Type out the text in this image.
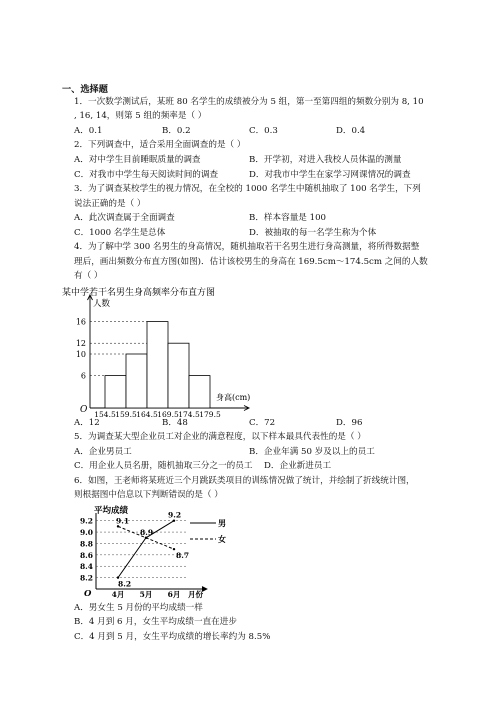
一、选择题
1．一次数学测试后，某班 80 名学生的成绩被分为 5 组，第一至第四组的频数分别为 8, 10
, 16, 14，则第 5 组的频率是（ ）
A．0.1	B．0.2	C．0.3	D．0.4
2．下列调查中，适合采用全面调查的是（ ）
A．对中学生目前睡眠质量的调查	B．开学初，对进入我校人员体温的测量
C．对我市中学生每天阅读时间的调查	D．对我市中学生在家学习网课情况的调查
3．为了调查某校学生的视力情况，在全校的 1000 名学生中随机抽取了 100 名学生，下列
说法正确的是（ ）
A．此次调查属于全面调查	B．样本容量是 100
C．1000 名学生是总体	D．被抽取的每一名学生称为个体
4．为了解中学 300 名男生的身高情况，随机抽取若干名男生进行身高测量，将所得数据整
理后，画出频数分布直方图(如图)．估计该校男生的身高在 169.5cm～174.5cm 之间的人数
有（ ）
某中学若干名男生身高频率分布直方图
人数
O
6
10
12
16
154.5 159.5 164.5 169.5 174.5 179.5
身高(cm)
A．12	B．48	C．72	D．96
5．为调查某大型企业员工对企业的满意程度，以下样本最具代表性的是（ ）
A．企业男员工	B．企业年满 50 岁及以上的员工
C．用企业人员名册，随机抽取三分之一的员工 D．企业新进员工
6．如图，王老师将某班近三个月跳跃类项目的训练情况做了统计，并绘制了折线统计图，
则根据图中信息以下判断错误的是（ ）
平均成绩
O
8.2
8.4
8.6
8.8
9.0
9.2
4月 5月 6月 月份
8.2
8.9
9.2
9.1
8.7
男
女
A．男女生 5 月份的平均成绩一样
B．4 月到 6 月，女生平均成绩一直在进步
C．4 月到 5 月，女生平均成绩的增长率约为 8.5%
